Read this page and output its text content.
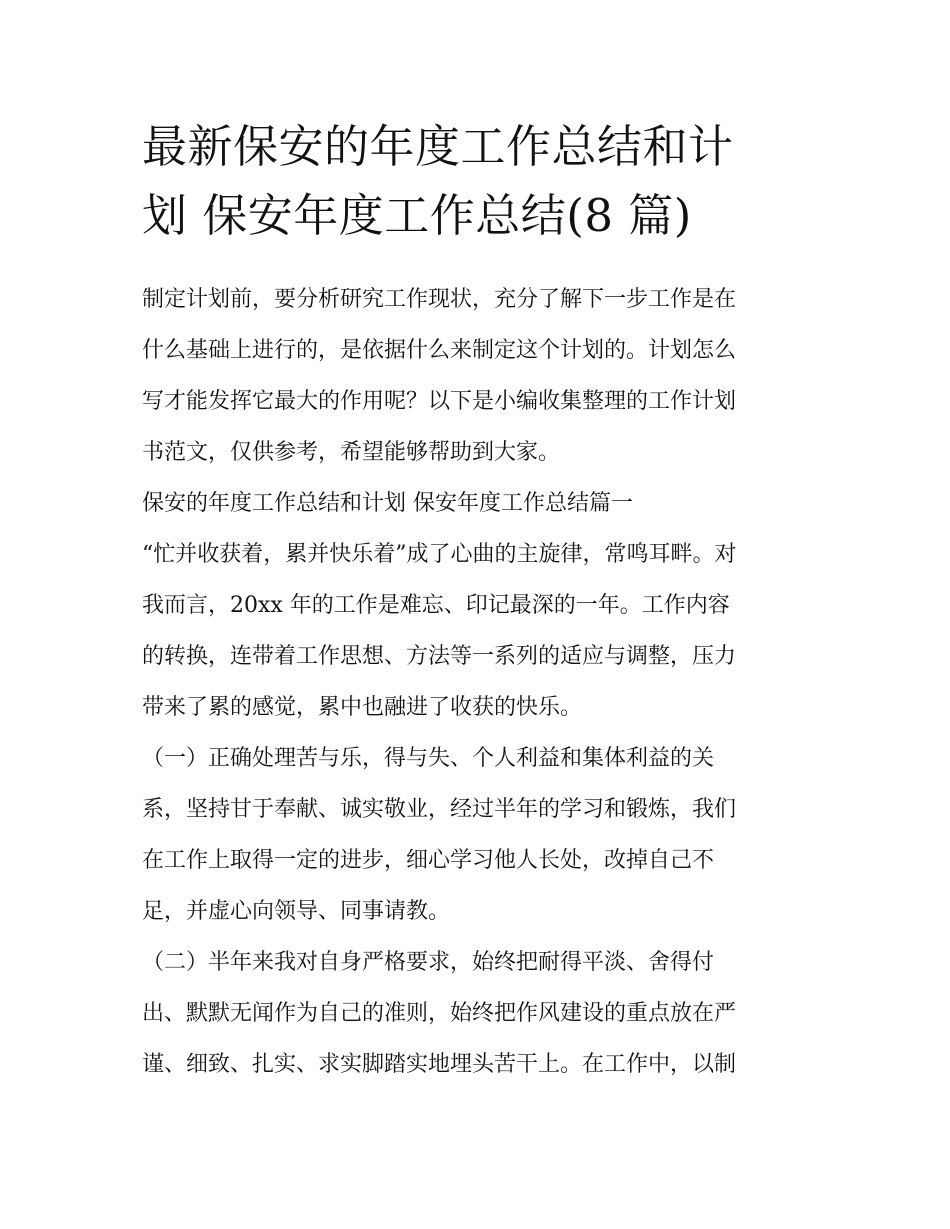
最新保安的年度工作总结和计
划 保安年度工作总结(8 篇)

制定计划前，要分析研究工作现状，充分了解下一步工作是在
什么基础上进行的，是依据什么来制定这个计划的。计划怎么
写才能发挥它最大的作用呢？以下是小编收集整理的工作计划
书范文，仅供参考，希望能够帮助到大家。

保安的年度工作总结和计划 保安年度工作总结篇一

“忙并收获着，累并快乐着”成了心曲的主旋律，常鸣耳畔。对
我而言，20xx 年的工作是难忘、印记最深的一年。工作内容
的转换，连带着工作思想、方法等一系列的适应与调整，压力
带来了累的感觉，累中也融进了收获的快乐。

（一）正确处理苦与乐，得与失、个人利益和集体利益的关
系，坚持甘于奉献、诚实敬业，经过半年的学习和锻炼，我们
在工作上取得一定的进步，细心学习他人长处，改掉自己不
足，并虚心向领导、同事请教。

（二）半年来我对自身严格要求，始终把耐得平淡、舍得付
出、默默无闻作为自己的准则，始终把作风建设的重点放在严
谨、细致、扎实、求实脚踏实地埋头苦干上。在工作中，以制
